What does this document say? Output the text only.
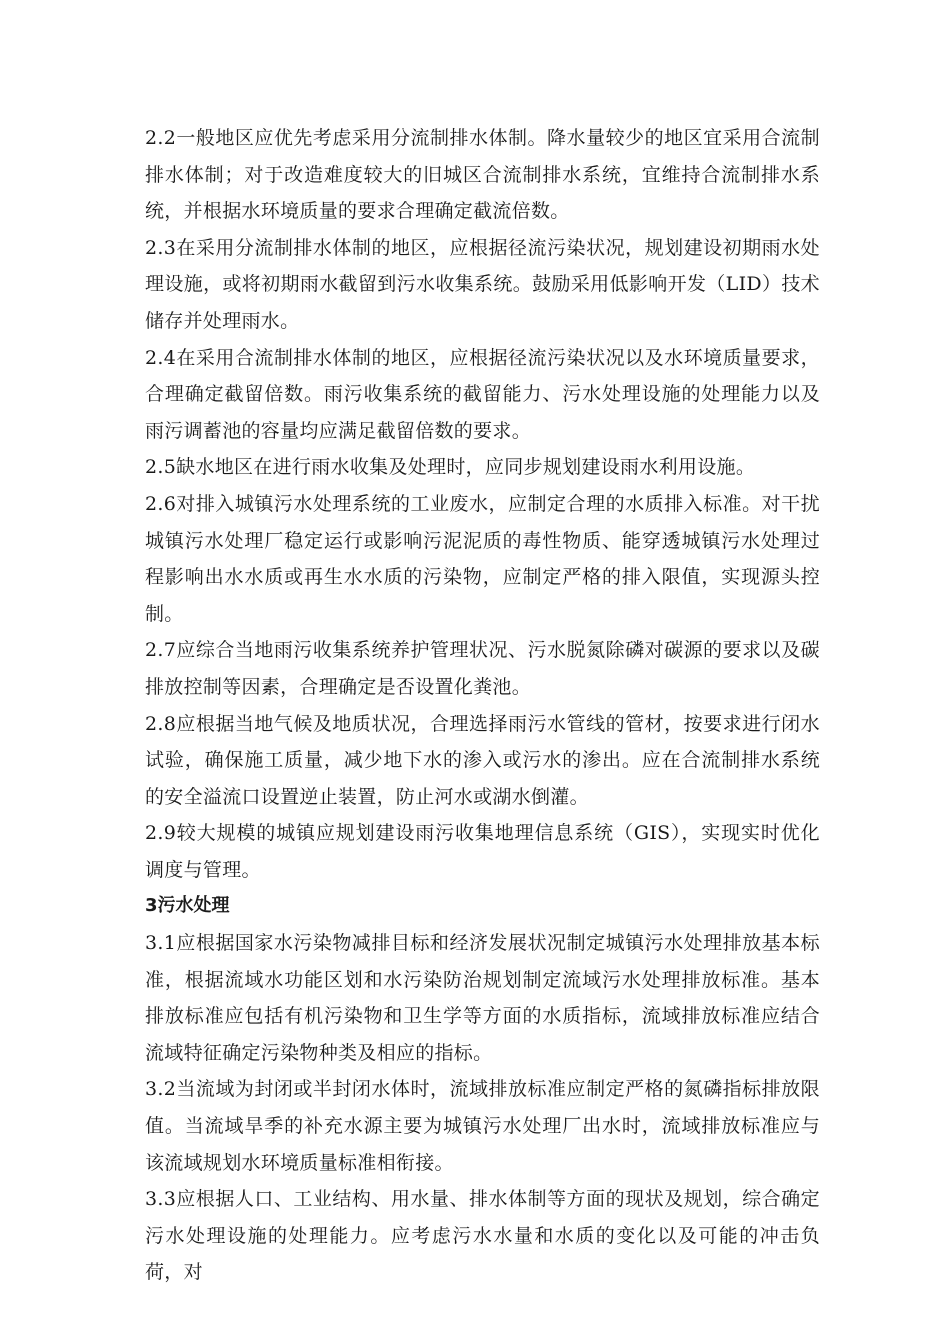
2.2一般地区应优先考虑采用分流制排水体制。降水量较少的地区宜采用合流制排水体制；对于改造难度较大的旧城区合流制排水系统，宜维持合流制排水系统，并根据水环境质量的要求合理确定截流倍数。

2.3在采用分流制排水体制的地区，应根据径流污染状况，规划建设初期雨水处理设施，或将初期雨水截留到污水收集系统。鼓励采用低影响开发（LID）技术储存并处理雨水。

2.4在采用合流制排水体制的地区，应根据径流污染状况以及水环境质量要求，合理确定截留倍数。雨污收集系统的截留能力、污水处理设施的处理能力以及雨污调蓄池的容量均应满足截留倍数的要求。

2.5缺水地区在进行雨水收集及处理时，应同步规划建设雨水利用设施。

2.6对排入城镇污水处理系统的工业废水，应制定合理的水质排入标准。对干扰城镇污水处理厂稳定运行或影响污泥泥质的毒性物质、能穿透城镇污水处理过程影响出水水质或再生水水质的污染物，应制定严格的排入限值，实现源头控制。

2.7应综合当地雨污收集系统养护管理状况、污水脱氮除磷对碳源的要求以及碳排放控制等因素，合理确定是否设置化粪池。

2.8应根据当地气候及地质状况，合理选择雨污水管线的管材，按要求进行闭水试验，确保施工质量，减少地下水的渗入或污水的渗出。应在合流制排水系统的安全溢流口设置逆止装置，防止河水或湖水倒灌。

2.9较大规模的城镇应规划建设雨污收集地理信息系统（GIS），实现实时优化调度与管理。

3污水处理

3.1应根据国家水污染物减排目标和经济发展状况制定城镇污水处理排放基本标准，根据流域水功能区划和水污染防治规划制定流域污水处理排放标准。基本排放标准应包括有机污染物和卫生学等方面的水质指标，流域排放标准应结合流域特征确定污染物种类及相应的指标。

3.2当流域为封闭或半封闭水体时，流域排放标准应制定严格的氮磷指标排放限值。当流域旱季的补充水源主要为城镇污水处理厂出水时，流域排放标准应与该流域规划水环境质量标准相衔接。

3.3应根据人口、工业结构、用水量、排水体制等方面的现状及规划，综合确定污水处理设施的处理能力。应考虑污水水量和水质的变化以及可能的冲击负荷，对
